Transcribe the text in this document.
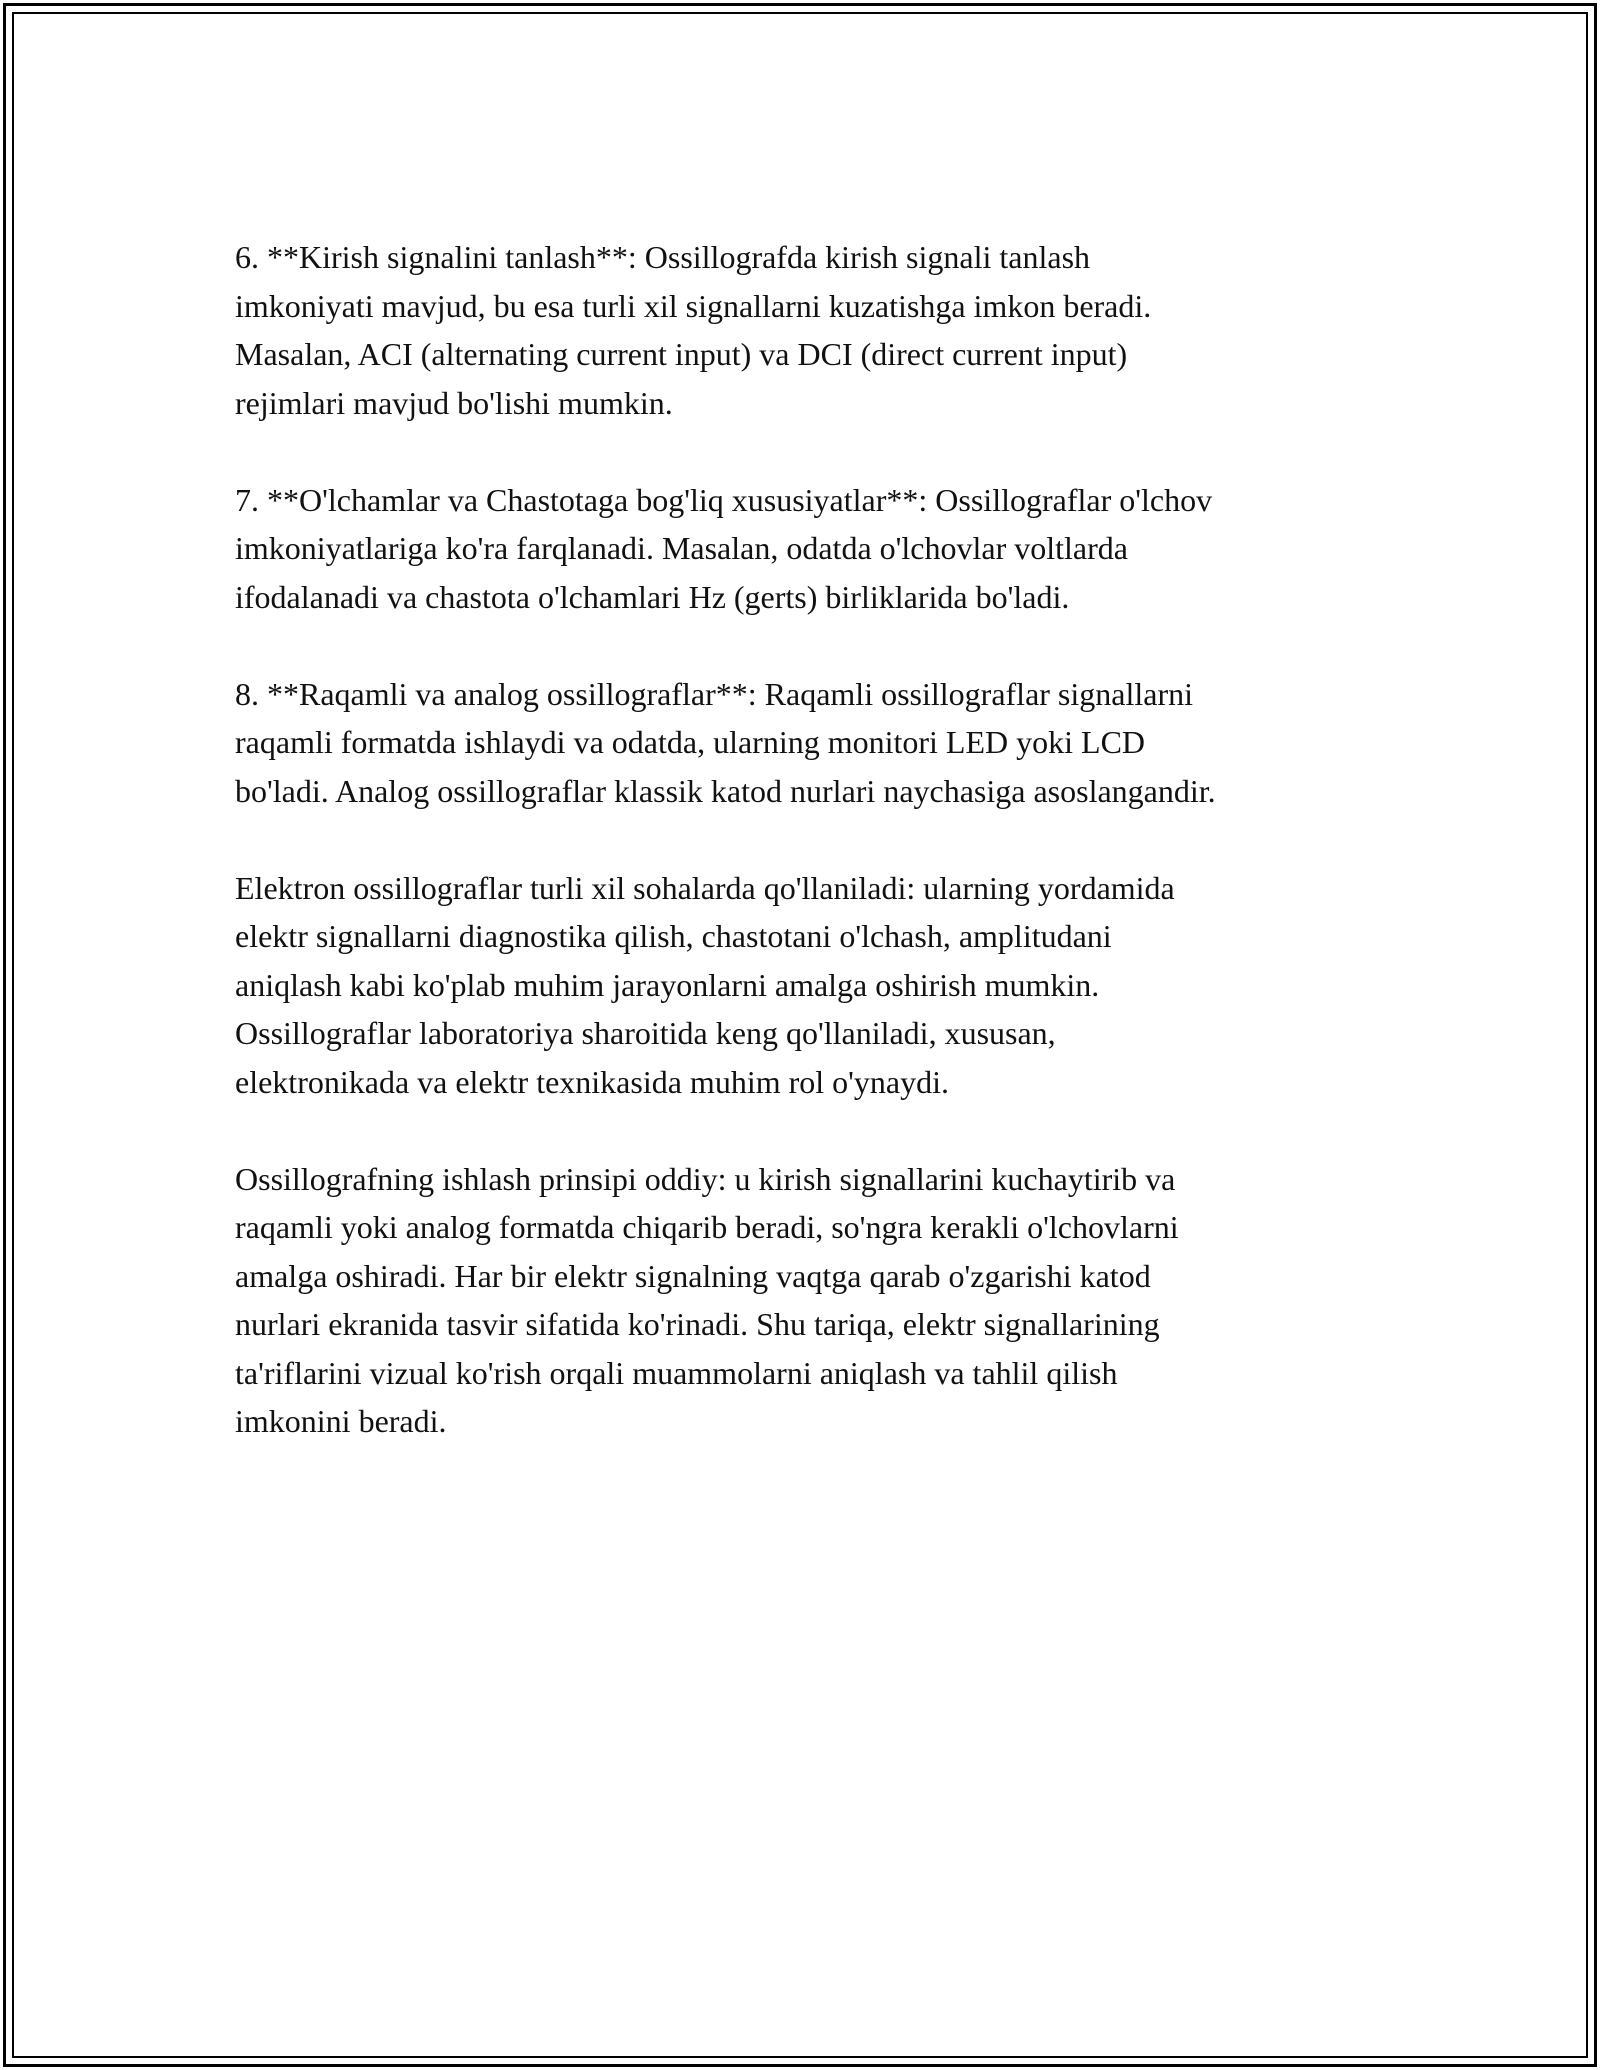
6. **Kirish signalini tanlash**: Ossillografda kirish signali tanlash
imkoniyati mavjud, bu esa turli xil signallarni kuzatishga imkon beradi.
Masalan, ACI (alternating current input) va DCI (direct current input)
rejimlari mavjud bo'lishi mumkin.

7. **O'lchamlar va Chastotaga bog'liq xususiyatlar**: Ossillograflar o'lchov
imkoniyatlariga ko'ra farqlanadi. Masalan, odatda o'lchovlar voltlarda
ifodalanadi va chastota o'lchamlari Hz (gerts) birliklarida bo'ladi.

8. **Raqamli va analog ossillograflar**: Raqamli ossillograflar signallarni
raqamli formatda ishlaydi va odatda, ularning monitori LED yoki LCD
bo'ladi. Analog ossillograflar klassik katod nurlari naychasiga asoslangandir.

Elektron ossillograflar turli xil sohalarda qo'llaniladi: ularning yordamida
elektr signallarni diagnostika qilish, chastotani o'lchash, amplitudani
aniqlash kabi ko'plab muhim jarayonlarni amalga oshirish mumkin.
Ossillograflar laboratoriya sharoitida keng qo'llaniladi, xususan,
elektronikada va elektr texnikasida muhim rol o'ynaydi.

Ossillografning ishlash prinsipi oddiy: u kirish signallarini kuchaytirib va
raqamli yoki analog formatda chiqarib beradi, so'ngra kerakli o'lchovlarni
amalga oshiradi. Har bir elektr signalning vaqtga qarab o'zgarishi katod
nurlari ekranida tasvir sifatida ko'rinadi. Shu tariqa, elektr signallarining
ta'riflarini vizual ko'rish orqali muammolarni aniqlash va tahlil qilish
imkonini beradi.
